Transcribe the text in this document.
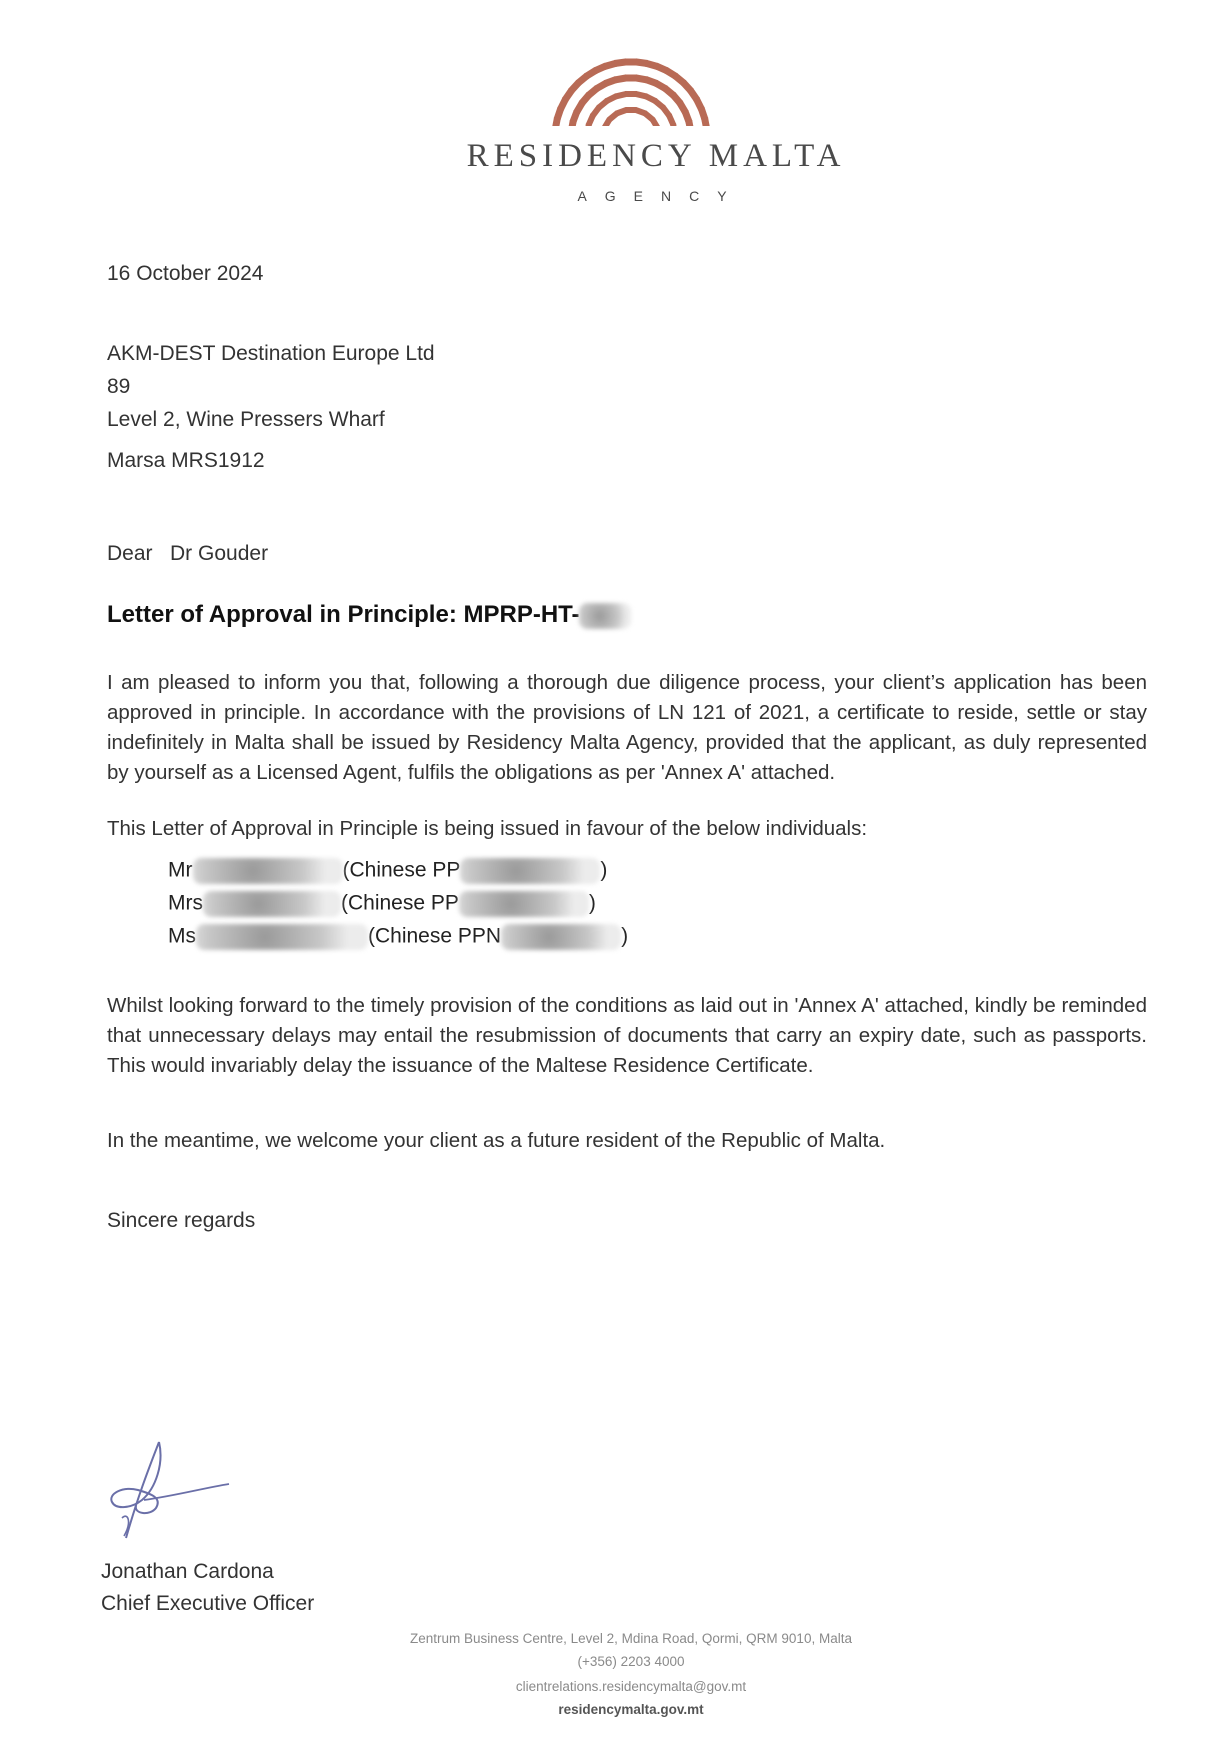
RESIDENCY MALTA
AGENCY
16 October 2024
AKM-DEST Destination Europe Ltd
89
Level 2, Wine Pressers Wharf
Marsa MRS1912
Dear   Dr Gouder
Letter of Approval in Principle: MPRP-HT-
I am pleased to inform you that, following a thorough due diligence process, your client’s application has been approved in principle. In accordance with the provisions of LN 121 of 2021, a certificate to reside, settle or stay indefinitely in Malta shall be issued by Residency Malta Agency, provided that the applicant, as duly represented by yourself as a Licensed Agent, fulfils the obligations as per 'Annex A' attached.
This Letter of Approval in Principle is being issued in favour of the below individuals:
Mr	(Chinese PP	)
Mrs	(Chinese PP	)
Ms	(Chinese PPN	)
Whilst looking forward to the timely provision of the conditions as laid out in 'Annex A' attached, kindly be reminded that unnecessary delays may entail the resubmission of documents that carry an expiry date, such as passports. This would invariably delay the issuance of the Maltese Residence Certificate.
In the meantime, we welcome your client as a future resident of the Republic of Malta.
Sincere regards
Jonathan Cardona
Chief Executive Officer
Zentrum Business Centre, Level 2, Mdina Road, Qormi, QRM 9010, Malta
(+356) 2203 4000
clientrelations.residencymalta@gov.mt
residencymalta.gov.mt
